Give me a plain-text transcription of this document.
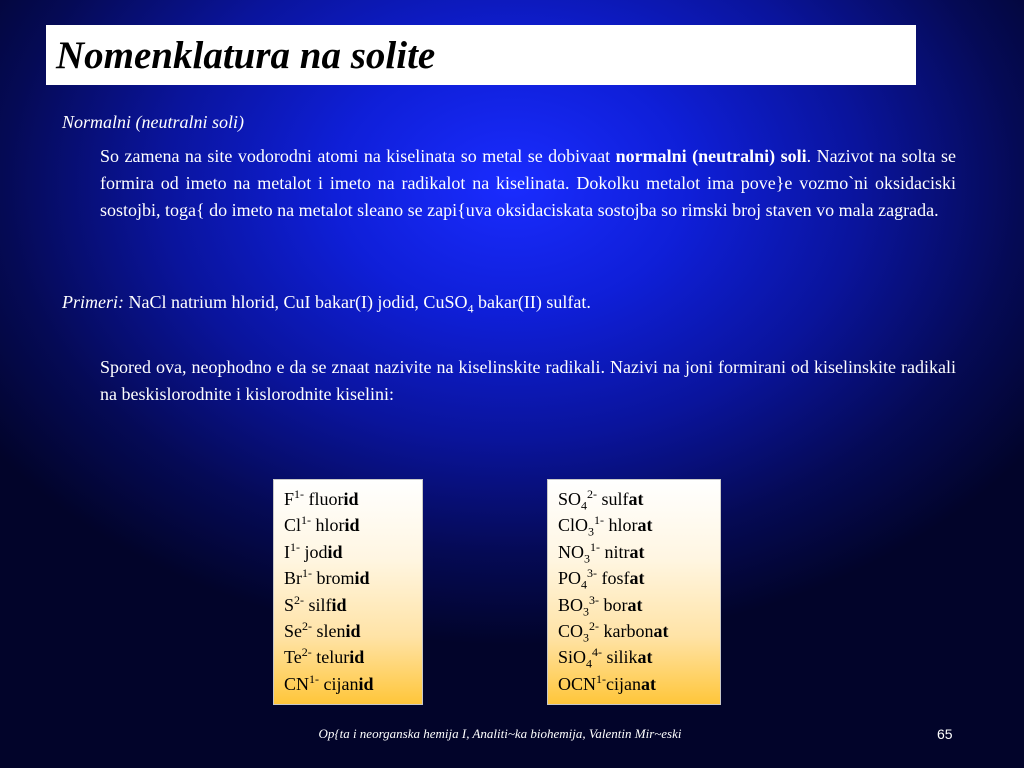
Nomenklatura na solite
Normalni (neutralni soli)

So zamena na site vodorodni atomi na kiselinata so metal se dobivaat normalni (neutralni) soli. Nazivot na solta se formira od imeto na metalot i imeto na radikalot na kiselinata. Dokolku metalot ima pove}e vozmo`ni oksidaciski sostojbi, toga{ do imeto na metalot sleano se zapi{uva oksidaciskata sostojba so rimski broj staven vo mala zagrada.

Primeri: NaCl natrium hlorid, CuI bakar(I) jodid, CuSO$_4$ bakar(II) sulfat.

Spored ova, neophodno e da se znaat nazivite na kiselinskite radikali. Nazivi na joni formirani od kiselinskite radikali na beskislorodnite i kislorodnite kiselini:

$F^{1-}$ fluorid
$Cl^{1-}$ hlorid
$I^{1-}$ jodid
$Br^{1-}$ bromid
$S^{2-}$ silfid
$Se^{2-}$ slenid
$Te^{2-}$ telurid
$CN^{1-}$ cijanid
$SO_4^{2-}$ sulfat
ClO$_3^{1-}$ hlorat
$NO_3^{1-}$ nitrat
$PO_4^{3-}$ fosfat
$BO_3^{3-}$ borat
$CO_3^{2-}$ karbonat
SiO$_4^{4-}$ silikat
$OCN^{1-}cijanat$
Op{ta i neorganska hemija I, Analiti~ka biohemija, Valentin Mir~eski	65
